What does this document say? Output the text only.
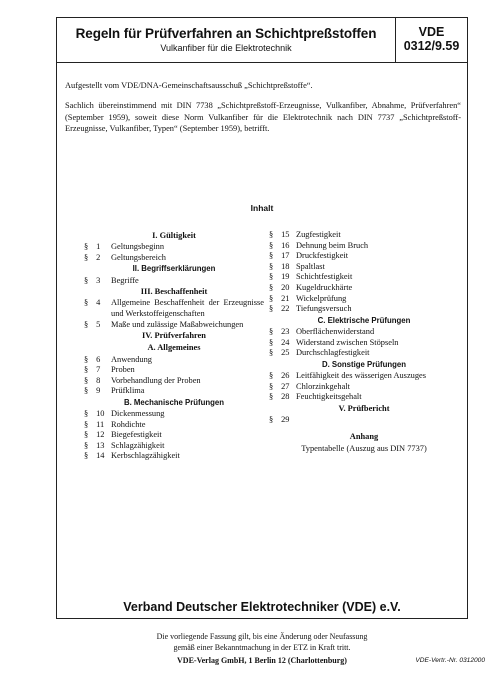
Regeln für Prüfverfahren an Schichtpreßstoffen
Vulkanfiber für die Elektrotechnik
VDE
0312/9.59
Aufgestellt vom VDE/DNA-Gemeinschaftsausschuß „Schichtpreßstoffe“.
Sachlich übereinstimmend mit DIN 7738 „Schichtpreßstoff-Erzeugnisse, Vulkanfiber, Abnahme, Prüfverfahren“ (September 1959), soweit diese Norm Vulkanfiber für die Elektrotechnik nach DIN 7737 „Schichtpreßstoff-Erzeugnisse, Vulkanfiber, Typen“ (September 1959), betrifft.
Inhalt
I. Gültigkeit
§ 1	Geltungsbeginn
§ 2	Geltungsbereich
II. Begriffserklärungen
§ 3	Begriffe
III. Beschaffenheit
§ 4	Allgemeine Beschaffenheit der Erzeugnisse und Werkstoffeigenschaften
§ 5	Maße und zulässige Maßabweichungen
IV. Prüfverfahren
A. Allgemeines
§ 6	Anwendung
§ 7	Proben
§ 8	Vorbehandlung der Proben
§ 9	Prüfklima
B. Mechanische Prüfungen
§ 10 Dickenmessung
§ 11 Rohdichte
§ 12 Biegefestigkeit
§ 13 Schlagzähigkeit
§ 14 Kerbschlagzähigkeit
§ 15 Zugfestigkeit
§ 16 Dehnung beim Bruch
§ 17 Druckfestigkeit
§ 18 Spaltlast
§ 19 Schichtfestigkeit
§ 20 Kugeldruckhärte
§ 21 Wickelprüfung
§ 22 Tiefungsversuch
C. Elektrische Prüfungen
§ 23 Oberflächenwiderstand
§ 24 Widerstand zwischen Stöpseln
§ 25 Durchschlagfestigkeit
D. Sonstige Prüfungen
§ 26 Leitfähigkeit des wässerigen Auszuges
§ 27 Chlorzinkgehalt
§ 28 Feuchtigkeitsgehalt
V. Prüfbericht
§ 29
Anhang
Typentabelle (Auszug aus DIN 7737)
Verband Deutscher Elektrotechniker (VDE) e.V.
Die vorliegende Fassung gilt, bis eine Änderung oder Neufassung
gemäß einer Bekanntmachung in der ETZ in Kraft tritt.
VDE-Verlag GmbH, 1 Berlin 12 (Charlottenburg)	VDE-Vertr.-Nr. 0312000
